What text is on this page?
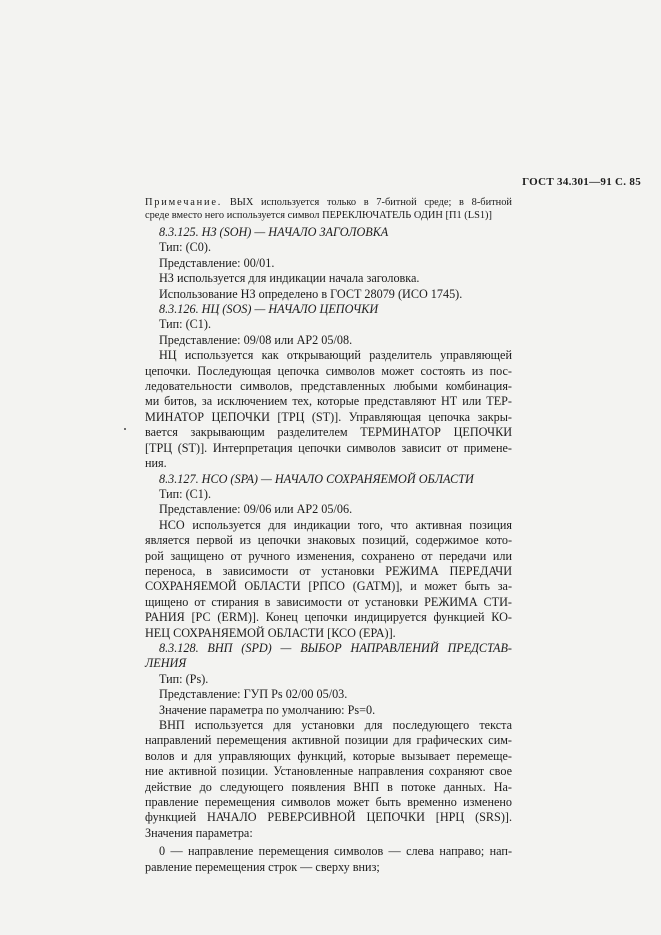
ГОСТ 34.301—91 С. 85
Примечание. ВЫХ используется только в 7-битной среде; в 8-битной
среде вместо него используется символ ПЕРЕКЛЮЧАТЕЛЬ ОДИН [П1 (LS1)]
8.3.125. НЗ (SOH) — НАЧАЛО ЗАГОЛОВКА
Тип: (С0).
Представление: 00/01.
НЗ используется для индикации начала заголовка.
Использование НЗ определено в ГОСТ 28079 (ИСО 1745).
8.3.126. НЦ (SOS) — НАЧАЛО ЦЕПОЧКИ
Тип: (С1).
Представление: 09/08 или АР2 05/08.
НЦ используется как открывающий разделитель управляющей
цепочки. Последующая цепочка символов может состоять из пос-
ледовательности символов, представленных любыми комбинация-
ми битов, за исключением тех, которые представляют НТ или ТЕР-
МИНАТОР ЦЕПОЧКИ [ТРЦ (ST)]. Управляющая цепочка закры-
вается закрывающим разделителем ТЕРМИНАТОР ЦЕПОЧКИ
[ТРЦ (ST)]. Интерпретация цепочки символов зависит от примене-
ния.
8.3.127. НСО (SPA) — НАЧАЛО СОХРАНЯЕМОЙ ОБЛАСТИ
Тип: (С1).
Представление: 09/06 или АР2 05/06.
НСО используется для индикации того, что активная позиция
является первой из цепочки знаковых позиций, содержимое кото-
рой защищено от ручного изменения, сохранено от передачи или
переноса, в зависимости от установки РЕЖИМА ПЕРЕДАЧИ
СОХРАНЯЕМОЙ ОБЛАСТИ [РПСО (GATM)], и может быть за-
щищено от стирания в зависимости от установки РЕЖИМА СТИ-
РАНИЯ [РС (ERM)]. Конец цепочки индицируется функцией КО-
НЕЦ СОХРАНЯЕМОЙ ОБЛАСТИ [КСО (ЕРА)].
8.3.128. ВНП (SPD) — ВЫБОР НАПРАВЛЕНИЙ ПРЕДСТАВ-
ЛЕНИЯ
Тип: (Ps).
Представление: ГУП Ps 02/00 05/03.
Значение параметра по умолчанию: Ps=0.
ВНП используется для установки для последующего текста
направлений перемещения активной позиции для графических сим-
волов и для управляющих функций, которые вызывает перемеще-
ние активной позиции. Установленные направления сохраняют свое
действие до следующего появления ВНП в потоке данных. На-
правление перемещения символов может быть временно изменено
функцией НАЧАЛО РЕВЕРСИВНОЙ ЦЕПОЧКИ [НРЦ (SRS)].
Значения параметра:
0 — направление перемещения символов — слева направо; нап-
равление перемещения строк — сверху вниз;
